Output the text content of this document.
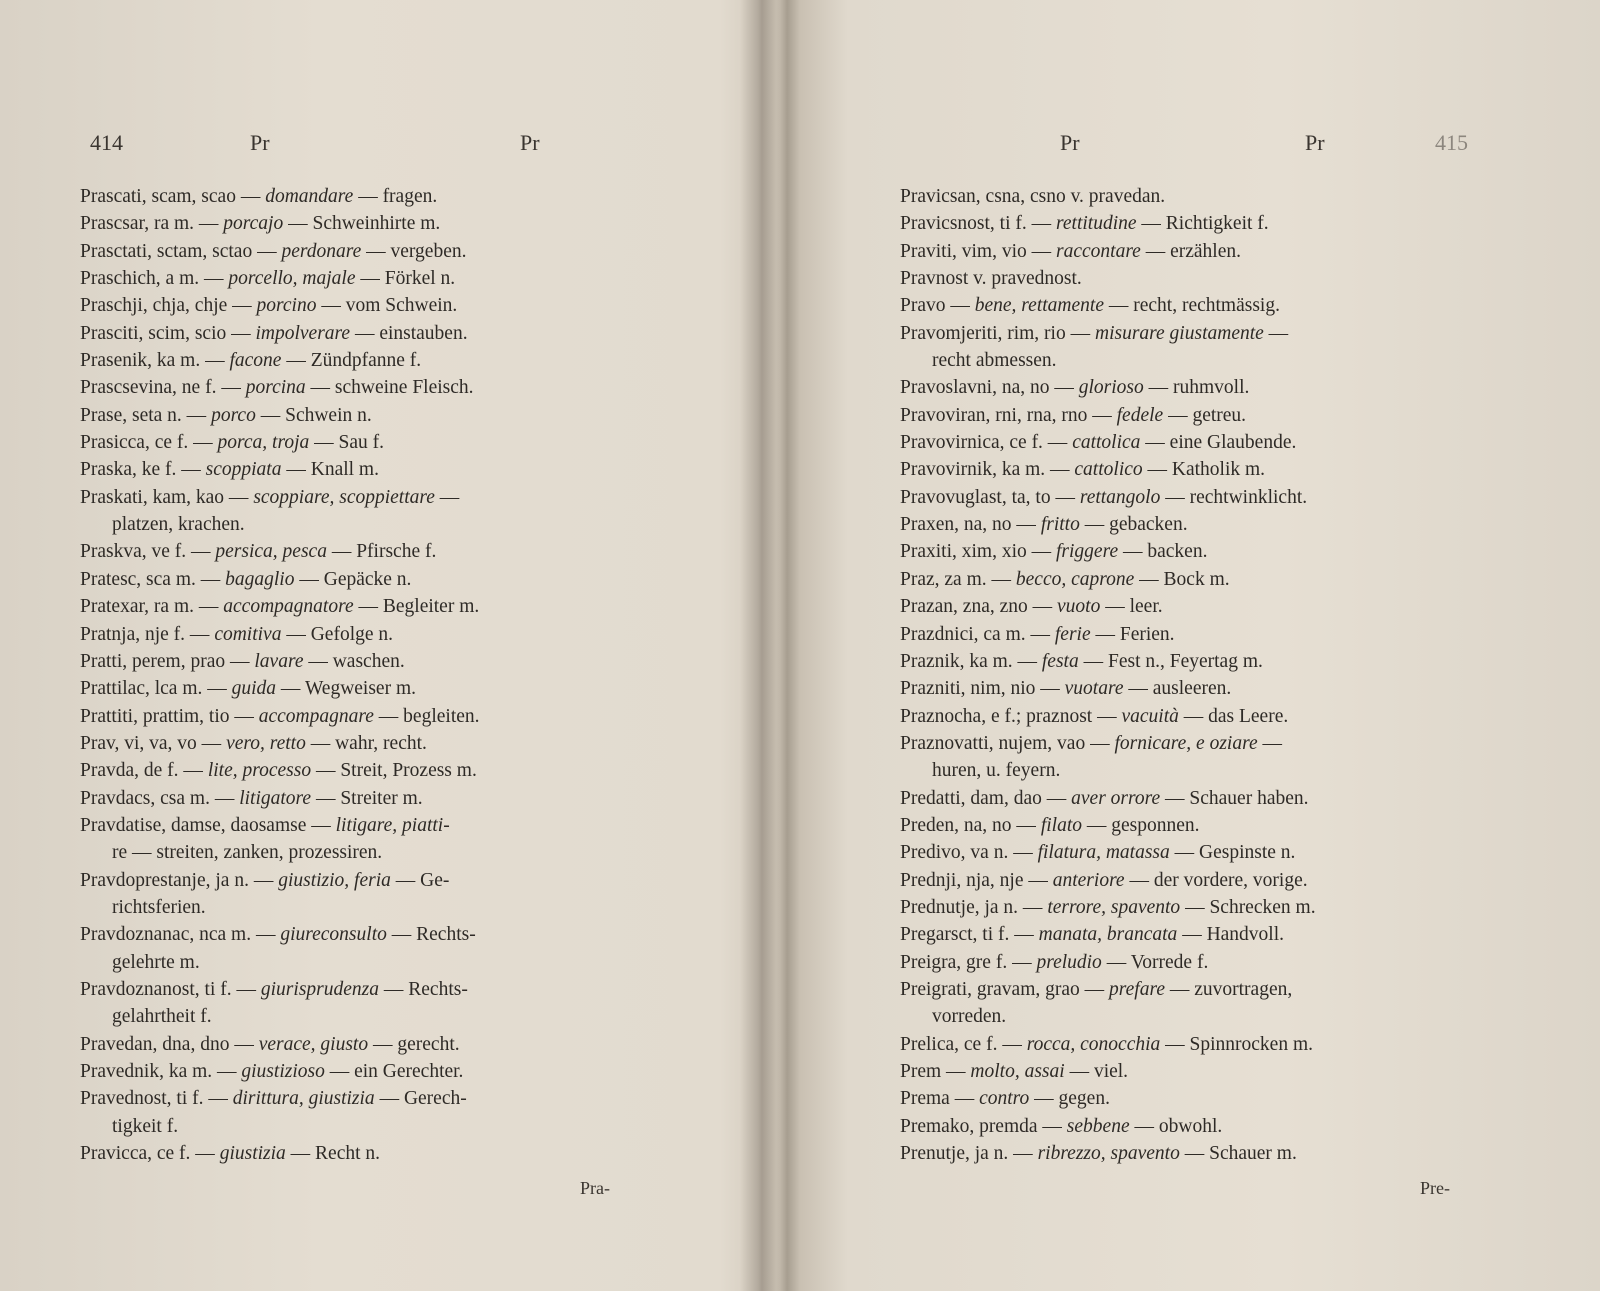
414	Pr	Pr
Prascati, scam, scao — domandare — fragen.
Prascsar, ra m. — porcajo — Schweinhirte m.
Prasctati, sctam, sctao — perdonare — vergeben.
Praschich, a m. — porcello, majale — Förkel n.
Praschji, chja, chje — porcino — vom Schwein.
Prasciti, scim, scio — impolverare — einstauben.
Prasenik, ka m. — facone — Zündpfanne f.
Prascsevina, ne f. — porcina — schweine Fleisch.
Prase, seta n. — porco — Schwein n.
Prasicca, ce f. — porca, troja — Sau f.
Praska, ke f. — scoppiata — Knall m.
Praskati, kam, kao — scoppiare, scoppiettare —
platzen, krachen.
Praskva, ve f. — persica, pesca — Pfirsche f.
Pratesc, sca m. — bagaglio — Gepäcke n.
Pratexar, ra m. — accompagnatore — Begleiter m.
Pratnja, nje f. — comitiva — Gefolge n.
Pratti, perem, prao — lavare — waschen.
Prattilac, lca m. — guida — Wegweiser m.
Prattiti, prattim, tio — accompagnare — begleiten.
Prav, vi, va, vo — vero, retto — wahr, recht.
Pravda, de f. — lite, processo — Streit, Prozess m.
Pravdacs, csa m. — litigatore — Streiter m.
Pravdatise, damse, daosamse — litigare, piatti-
re — streiten, zanken, prozessiren.
Pravdoprestanje, ja n. — giustizio, feria — Ge-
richtsferien.
Pravdoznanac, nca m. — giureconsulto — Rechts-
gelehrte m.
Pravdoznanost, ti f. — giurisprudenza — Rechts-
gelahrtheit f.
Pravedan, dna, dno — verace, giusto — gerecht.
Pravednik, ka m. — giustizioso — ein Gerechter.
Pravednost, ti f. — dirittura, giustizia — Gerech-
tigkeit f.
Pravicca, ce f. — giustizia — Recht n.
Pra-
Pr	Pr	415
Pravicsan, csna, csno v. pravedan.
Pravicsnost, ti f. — rettitudine — Richtigkeit f.
Praviti, vim, vio — raccontare — erzählen.
Pravnost v. pravednost.
Pravo — bene, rettamente — recht, rechtmässig.
Pravomjeriti, rim, rio — misurare giustamente —
recht abmessen.
Pravoslavni, na, no — glorioso — ruhmvoll.
Pravoviran, rni, rna, rno — fedele — getreu.
Pravovirnica, ce f. — cattolica — eine Glaubende.
Pravovirnik, ka m. — cattolico — Katholik m.
Pravovuglast, ta, to — rettangolo — rechtwinklicht.
Praxen, na, no — fritto — gebacken.
Praxiti, xim, xio — friggere — backen.
Praz, za m. — becco, caprone — Bock m.
Prazan, zna, zno — vuoto — leer.
Prazdnici, ca m. — ferie — Ferien.
Praznik, ka m. — festa — Fest n., Feyertag m.
Prazniti, nim, nio — vuotare — ausleeren.
Praznocha, e f.; praznost — vacuità — das Leere.
Praznovatti, nujem, vao — fornicare, e oziare —
huren, u. feyern.
Predatti, dam, dao — aver orrore — Schauer haben.
Preden, na, no — filato — gesponnen.
Predivo, va n. — filatura, matassa — Gespinste n.
Prednji, nja, nje — anteriore — der vordere, vorige.
Prednutje, ja n. — terrore, spavento — Schrecken m.
Pregarsct, ti f. — manata, brancata — Handvoll.
Preigra, gre f. — preludio — Vorrede f.
Preigrati, gravam, grao — prefare — zuvortragen,
vorreden.
Prelica, ce f. — rocca, conocchia — Spinnrocken m.
Prem — molto, assai — viel.
Prema — contro — gegen.
Premako, premda — sebbene — obwohl.
Prenutje, ja n. — ribrezzo, spavento — Schauer m.
Pre-
